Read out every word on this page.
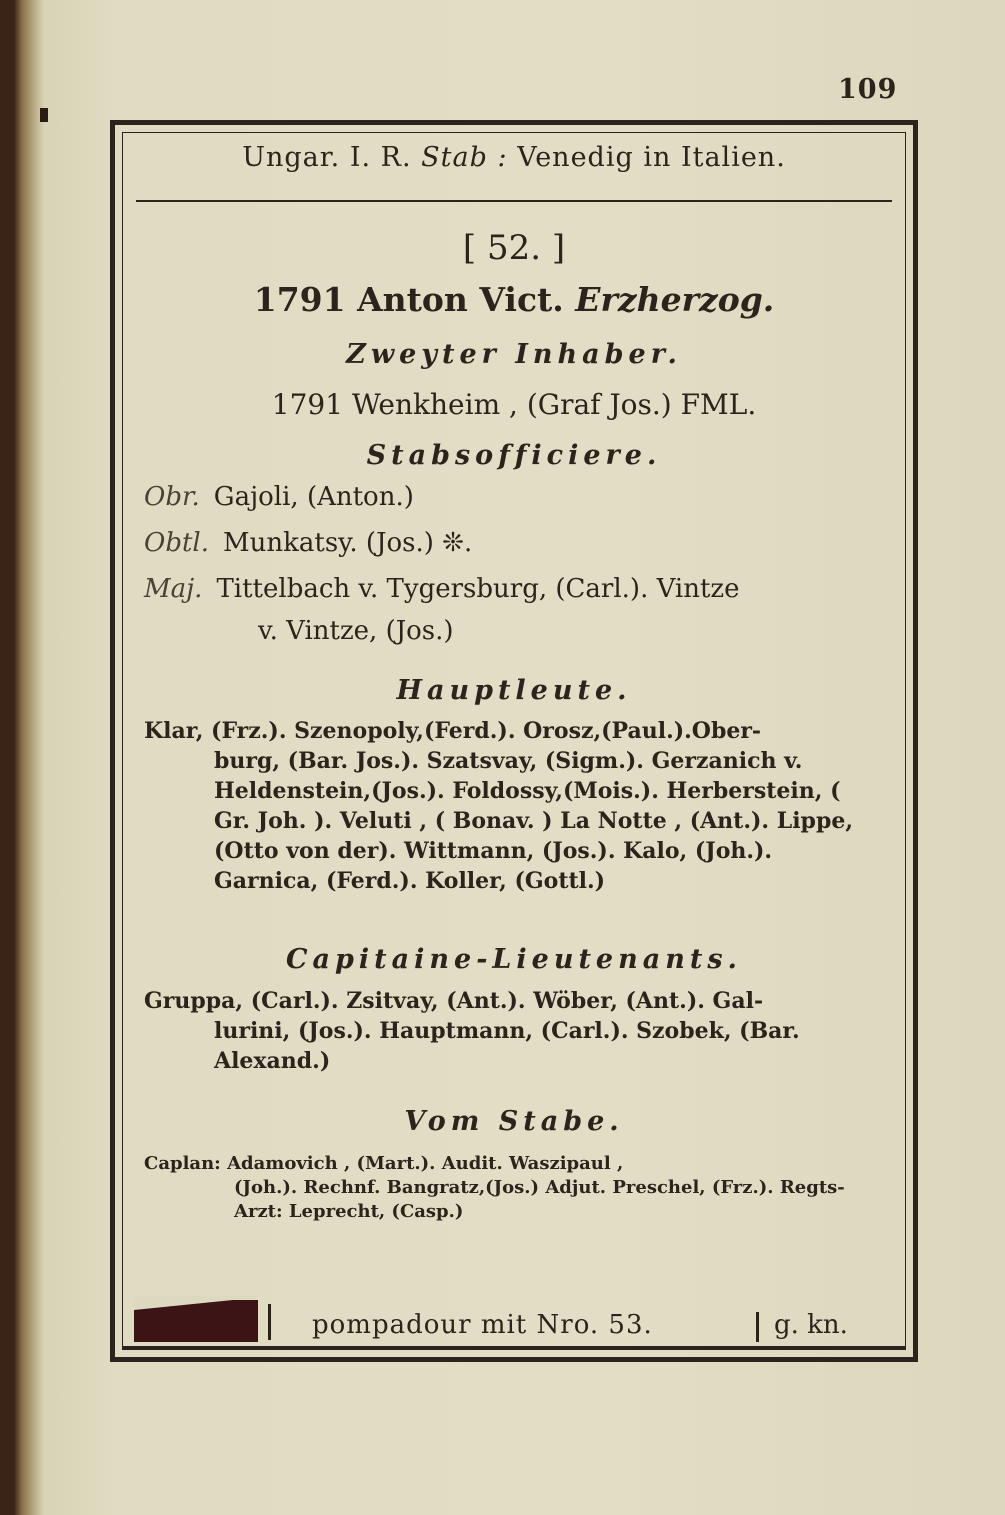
109
Ungar. I. R. Stab : Venedig in Italien.
[ 52. ]
1791 Anton Vict. Erzherzog.
Zweyter Inhaber.
1791 Wenkheim , (Graf Jos.) FML.
Stabsofficiere.
Obr. Gajoli, (Anton.)
Obtl. Munkatsy. (Jos.) ❊.
Maj. Tittelbach v. Tygersburg, (Carl.). Vintze
v. Vintze, (Jos.)
Hauptleute.
Klar, (Frz.). Szenopoly,(Ferd.). Orosz,(Paul.).Ober-
burg, (Bar. Jos.). Szatsvay, (Sigm.). Gerzanich v. Heldenstein,(Jos.). Foldossy,(Mois.). Herberstein, ( Gr. Joh. ). Veluti , ( Bonav. ) La Notte , (Ant.). Lippe, (Otto von der). Wittmann, (Jos.). Kalo, (Joh.). Garnica, (Ferd.). Koller, (Gottl.)
Capitaine-Lieutenants.
Gruppa, (Carl.). Zsitvay, (Ant.). Wöber, (Ant.). Gal-
lurini, (Jos.). Hauptmann, (Carl.). Szobek, (Bar. Alexand.)
Vom Stabe.
Caplan: Adamovich , (Mart.). Audit. Waszipaul ,
(Joh.). Rechnf. Bangratz,(Jos.) Adjut. Preschel, (Frz.). Regts-Arzt: Leprecht, (Casp.)
pompadour mit Nro. 53.	g. kn.
